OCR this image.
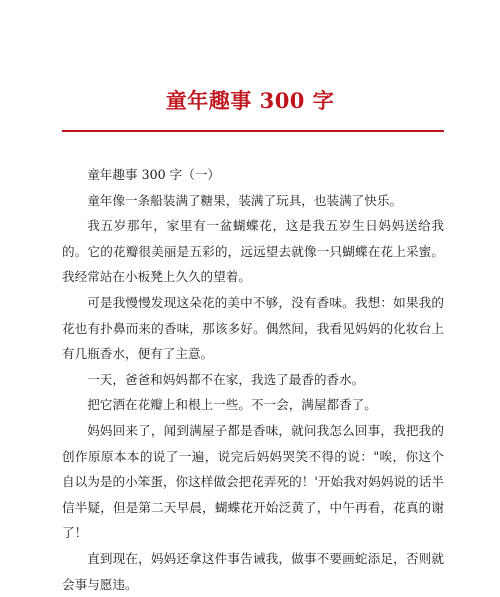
童年趣事 300 字

童年趣事 300 字（一）

童年像一条船装满了糖果，装满了玩具，也装满了快乐。

我五岁那年，家里有一盆蝴蝶花，这是我五岁生日妈妈送给我的。它的花瓣很美丽是五彩的，远远望去就像一只蝴蝶在花上采蜜。我经常站在小板凳上久久的望着。

可是我慢慢发现这朵花的美中不够，没有香味。我想：如果我的花也有扑鼻而来的香味，那该多好。偶然间，我看见妈妈的化妆台上有几瓶香水，便有了主意。

一天，爸爸和妈妈都不在家，我选了最香的香水。

把它洒在花瓣上和根上一些。不一会，满屋都香了。

妈妈回来了，闻到满屋子都是香味，就问我怎么回事，我把我的创作原原本本的说了一遍，说完后妈妈哭笑不得的说："唉，你这个自以为是的小笨蛋，你这样做会把花弄死的！'开始我对妈妈说的话半信半疑，但是第二天早晨，蝴蝶花开始泛黄了，中午再看，花真的谢了！

直到现在，妈妈还拿这件事告诫我，做事不要画蛇添足，否则就会事与愿违。
